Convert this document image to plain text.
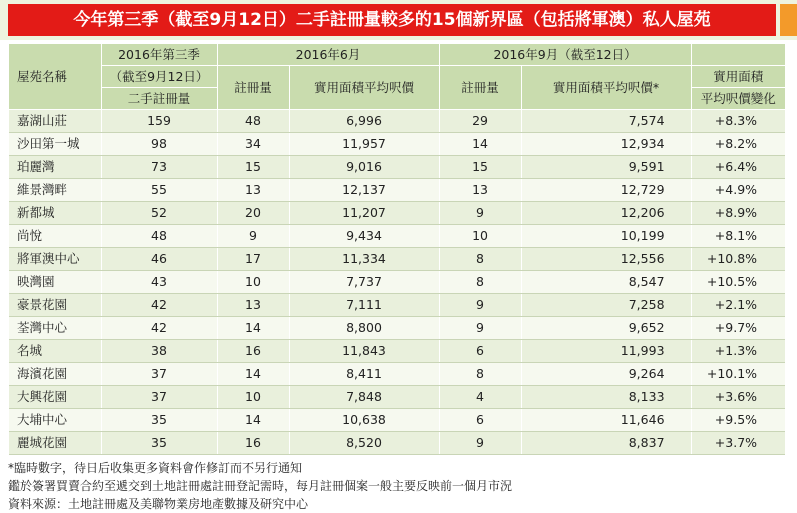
今年第三季（截至9月12日）二手註冊量較多的15個新界區（包括將軍澳）私人屋苑
屋苑名稱	2016年第三季	2016年6月		2016年9月（截至12日）		
	（截至9月12日）	註冊量	實用面積平均呎價	註冊量	實用面積平均呎價*	實用面積
	二手註冊量					平均呎價變化
嘉湖山莊	159	48	6,996	29	7,574	+8.3%
沙田第一城	98	34	11,957	14	12,934	+8.2%
珀麗灣	73	15	9,016	15	9,591	+6.4%
維景灣畔	55	13	12,137	13	12,729	+4.9%
新都城	52	20	11,207	9	12,206	+8.9%
尚悅	48	9	9,434	10	10,199	+8.1%
將軍澳中心	46	17	11,334	8	12,556	+10.8%
映灣園	43	10	7,737	8	8,547	+10.5%
豪景花園	42	13	7,111	9	7,258	+2.1%
荃灣中心	42	14	8,800	9	9,652	+9.7%
名城	38	16	11,843	6	11,993	+1.3%
海濱花園	37	14	8,411	8	9,264	+10.1%
大興花園	37	10	7,848	4	8,133	+3.6%
大埔中心	35	14	10,638	6	11,646	+9.5%
麗城花園	35	16	8,520	9	8,837	+3.7%
*臨時數字，待日后收集更多資料會作修訂而不另行通知
鑑於簽署買賣合約至遞交到土地註冊處註冊登記需時，每月註冊個案一般主要反映前一個月市況
資料來源：土地註冊處及美聯物業房地產數據及研究中心
